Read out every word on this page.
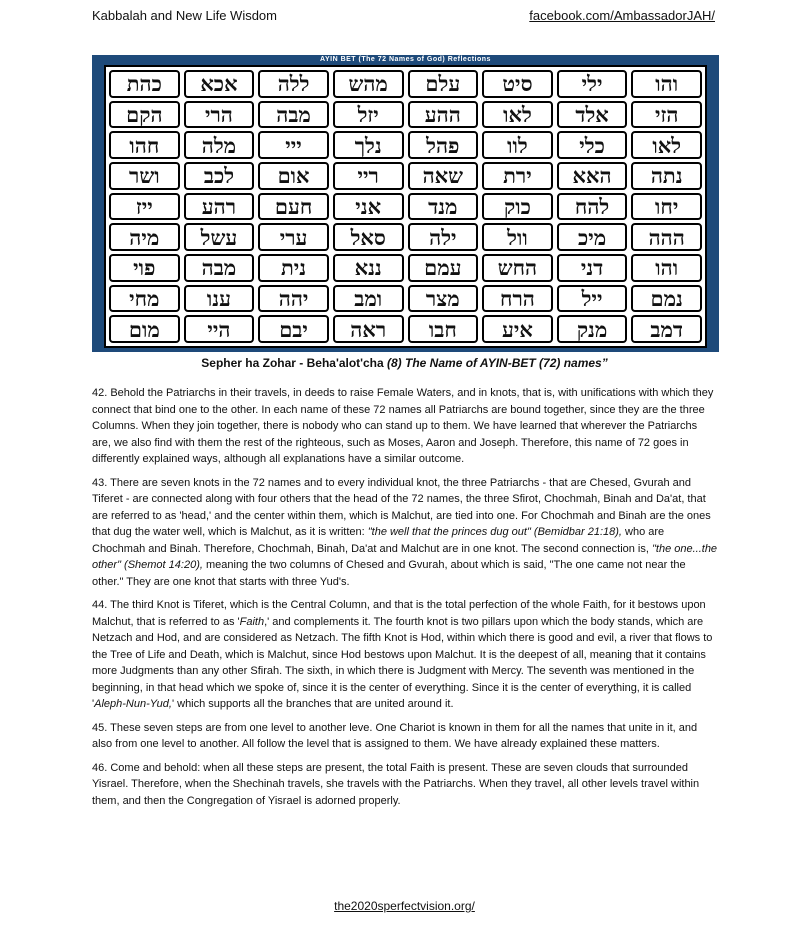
Kabbalah and New Life Wisdom	facebook.com/AmbassadorJAH/
AYIN BET (The 72 Names of God) Reflections
כהת	אכא	ללה	מהש	עלם	סיט	ילי	והו
הקם	הרי	מבה	יזל	ההע	לאו	אלד	הזי
חהו	מלה	ייי	נלך	פהל	לוו	כלי	לאו
ושר	לכב	אום	ריי	שאה	ירת	האא	נתה
ייז	רהע	חעם	אני	מנד	כוק	להח	יחו
מיה	עשל	ערי	סאל	ילה	וול	מיכ	ההה
פוי	מבה	נית	ננא	עמם	החש	דני	והו
מחי	ענו	יהה	ומב	מצר	הרח	ייל	נמם
מום	היי	יבם	ראה	חבו	איע	מנק	דמב
Sepher ha Zohar - Beha'alot'cha (8) The Name of AYIN-BET (72) names”

42. Behold the Patriarchs in their travels, in deeds to raise Female Waters, and in knots, that is, with unifications with which they connect that bind one to the other. In each name of these 72 names all Patriarchs are bound together, since they are the three Columns. When they join together, there is nobody who can stand up to them. We have learned that wherever the Patriarchs are, we also find with them the rest of the righteous, such as Moses, Aaron and Joseph. Therefore, this name of 72 goes in differently explained ways, although all explanations have a similar outcome.

43. There are seven knots in the 72 names and to every individual knot, the three Patriarchs - that are Chesed, Gvurah and Tiferet - are connected along with four others that the head of the 72 names, the three Sfirot, Chochmah, Binah and Da'at, that are referred to as 'head,' and the center within them, which is Malchut, are tied into one. For Chochmah and Binah are the ones that dug the water well, which is Malchut, as it is written: "the well that the princes dug out" (Bemidbar 21:18), who are Chochmah and Binah. Therefore, Chochmah, Binah, Da'at and Malchut are in one knot. The second connection is, "the one...the other" (Shemot 14:20), meaning the two columns of Chesed and Gvurah, about which is said, "The one came not near the other." They are one knot that starts with three Yud's.

44. The third Knot is Tiferet, which is the Central Column, and that is the total perfection of the whole Faith, for it bestows upon Malchut, that is referred to as 'Faith,' and complements it. The fourth knot is two pillars upon which the body stands, which are Netzach and Hod, and are considered as Netzach. The fifth Knot is Hod, within which there is good and evil, a river that flows to the Tree of Life and Death, which is Malchut, since Hod bestows upon Malchut. It is the deepest of all, meaning that it contains more Judgments than any other Sfirah. The sixth, in which there is Judgment with Mercy. The seventh was mentioned in the beginning, in that head which we spoke of, since it is the center of everything. Since it is the center of everything, it is called 'Aleph-Nun-Yud,' which supports all the branches that are united around it.

45. These seven steps are from one level to another leve. One Chariot is known in them for all the names that unite in it, and also from one level to another. All follow the level that is assigned to them. We have already explained these matters.

46. Come and behold: when all these steps are present, the total Faith is present. These are seven clouds that surrounded Yisrael. Therefore, when the Shechinah travels, she travels with the Patriarchs. When they travel, all other levels travel within them, and then the Congregation of Yisrael is adorned properly.

the2020sperfectvision.org/
